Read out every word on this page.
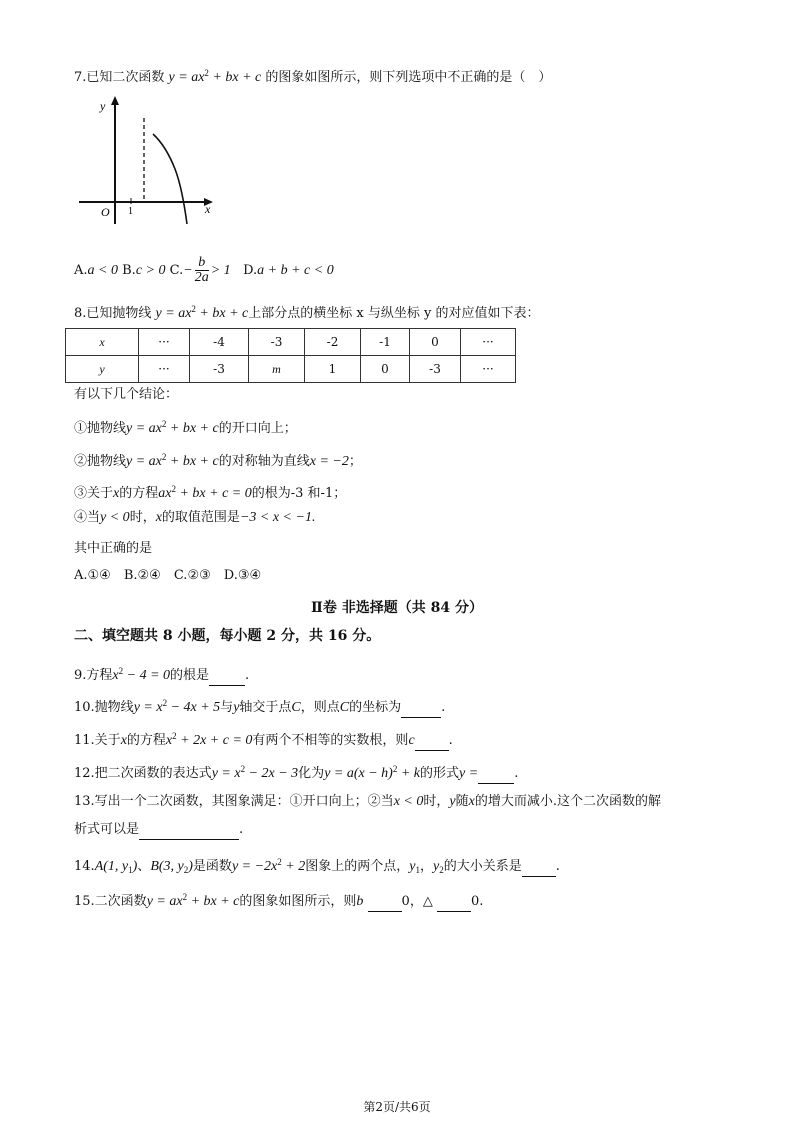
7.已知二次函数 $y = ax^2$ + bx + c 的图象如图所示，则下列选项中不正确的是（　）
y
x
O 1
A.a < 0 B.c > 0 $C.- \frac{b}{2a} > 1$ D.a + b + c < 0
8.已知抛物线 $y = ax^2$ + bx + c上部分点的横坐标 x 与纵坐标 y 的对应值如下表：
x	···	-4	-3	-2	-1	0	···
y	···	-3	m	1	0	-3	···
有以下几个结论：
①抛物线$y = ax^2$ + bx + c的开口向上；
②抛物线$y = ax^2$ + bx + c的对称轴为直线x = −2；
③关于x的方程$ax^2$ + bx + c = 0的根为-3 和-1；
④当y < 0时，x的取值范围是−3 < x < −1.
其中正确的是
A.①④　B.②④　C.②③　D.③④
Ⅱ卷 非选择题（共 84 分）
二、填空题共 8 小题，每小题 2 分，共 16 分。
9.方程$x^2 - 4 = 0$的根是	.
10.抛物线$y = x^2 - 4x + 5$与y轴交于点C，则点C的坐标为	.
11.关于x的方程$x^2 + 2x + c = 0$有两个不相等的实数根，则c	.
12.把二次函数的表达式$y = x^2 - 2x - 3$化为$y = a(x - h)^2 + k$的形式y =	.
13.写出一个二次函数，其图象满足：①开口向上；②当x < 0时，y随x的增大而减小.这个二次函数的解
析式可以是	.
14.A(1, $y_1$)、B(3, $y_2$)是函数$y = -2x^2 + 2$图象上的两个点，$y_1$，$y_2$的大小关系是	.
15.二次函数$y = ax^2$ + bx + c的图象如图所示，则b	0，△	0.
第2页/共6页
